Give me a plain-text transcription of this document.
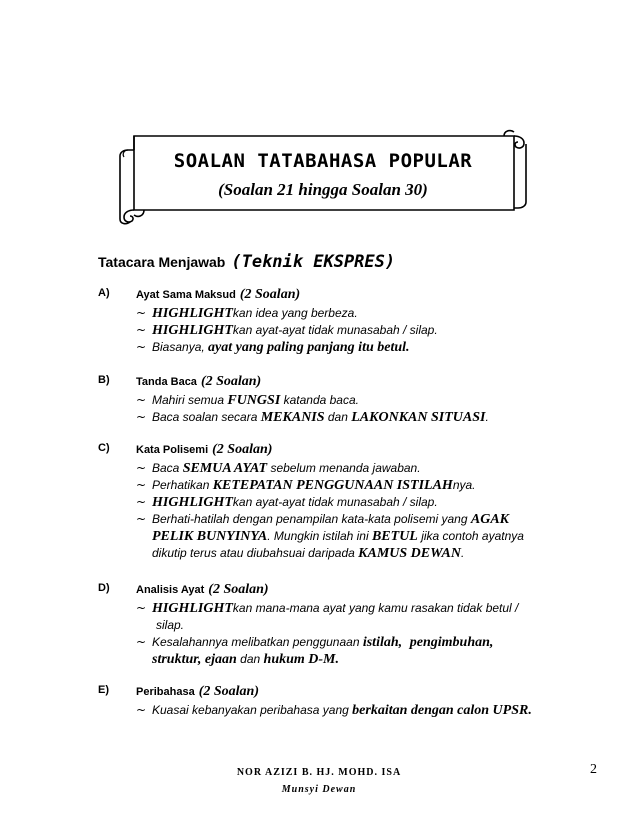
SOALAN TATABAHASA POPULAR
(Soalan 21 hingga Soalan 30)
Tatacara Menjawab (Teknik EKSPRES)
A) Ayat Sama Maksud (2 Soalan)
~ HIGHLIGHTkan idea yang berbeza.
~ HIGHLIGHTkan ayat-ayat tidak munasabah / silap.
~ Biasanya, ayat yang paling panjang itu betul.
B) Tanda Baca (2 Soalan)
~ Mahiri semua FUNGSI katanda baca.
~ Baca soalan secara MEKANIS dan LAKONKAN SITUASI.
C) Kata Polisemi (2 Soalan)
~ Baca SEMUA AYAT sebelum menanda jawaban.
~ Perhatikan KETEPATAN PENGGUNAAN ISTILAHnya.
~ HIGHLIGHTkan ayat-ayat tidak munasabah / silap.
~ Berhati-hatilah dengan penampilan kata-kata polisemi yang AGAK
PELIK BUNYINYA. Mungkin istilah ini BETUL jika contoh ayatnya
dikutip terus atau diubahsuai daripada KAMUS DEWAN.
D) Analisis Ayat (2 Soalan)
~ HIGHLIGHTkan mana-mana ayat yang kamu rasakan tidak betul /
silap.
~ Kesalahannya melibatkan penggunaan istilah, pengimbuhan,
struktur, ejaan dan hukum D-M.
E) Peribahasa (2 Soalan)
~ Kuasai kebanyakan peribahasa yang berkaitan dengan calon UPSR.
NOR AZIZI B. HJ. MOHD. ISA
Munsyi Dewan
2
